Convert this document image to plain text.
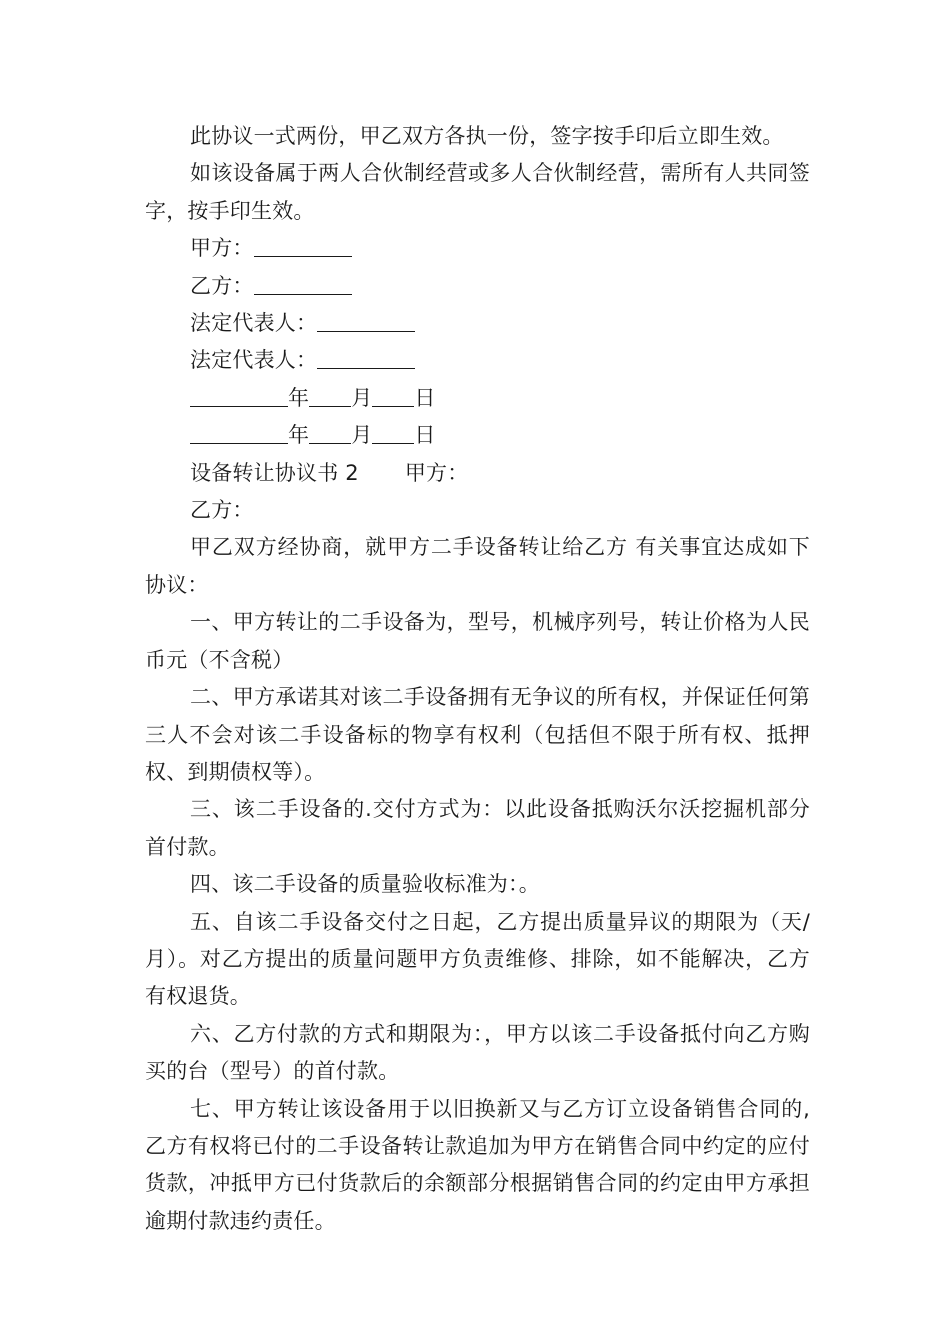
此协议一式两份，甲乙双方各执一份，签字按手印后立即生效。

如该设备属于两人合伙制经营或多人合伙制经营，需所有人共同签字，按手印生效。

甲方：

乙方：

法定代表人：

法定代表人：

年 月 日

年 月 日

设备转让协议书 2 甲方：

乙方：

甲乙双方经协商，就甲方二手设备转让给乙方 有关事宜达成如下协议：

一、甲方转让的二手设备为，型号，机械序列号，转让价格为人民币元（不含税）

二、甲方承诺其对该二手设备拥有无争议的所有权，并保证任何第三人不会对该二手设备标的物享有权利（包括但不限于所有权、抵押权、到期债权等）。

三、该二手设备的.交付方式为：以此设备抵购沃尔沃挖掘机部分首付款。

四、该二手设备的质量验收标准为：。

五、自该二手设备交付之日起，乙方提出质量异议的期限为（天/月）。对乙方提出的质量问题甲方负责维修、排除，如不能解决，乙方有权退货。

六、乙方付款的方式和期限为：，甲方以该二手设备抵付向乙方购买的台（型号）的首付款。

七、甲方转让该设备用于以旧换新又与乙方订立设备销售合同的,乙方有权将已付的二手设备转让款追加为甲方在销售合同中约定的应付货款，冲抵甲方已付货款后的余额部分根据销售合同的约定由甲方承担逾期付款违约责任。
